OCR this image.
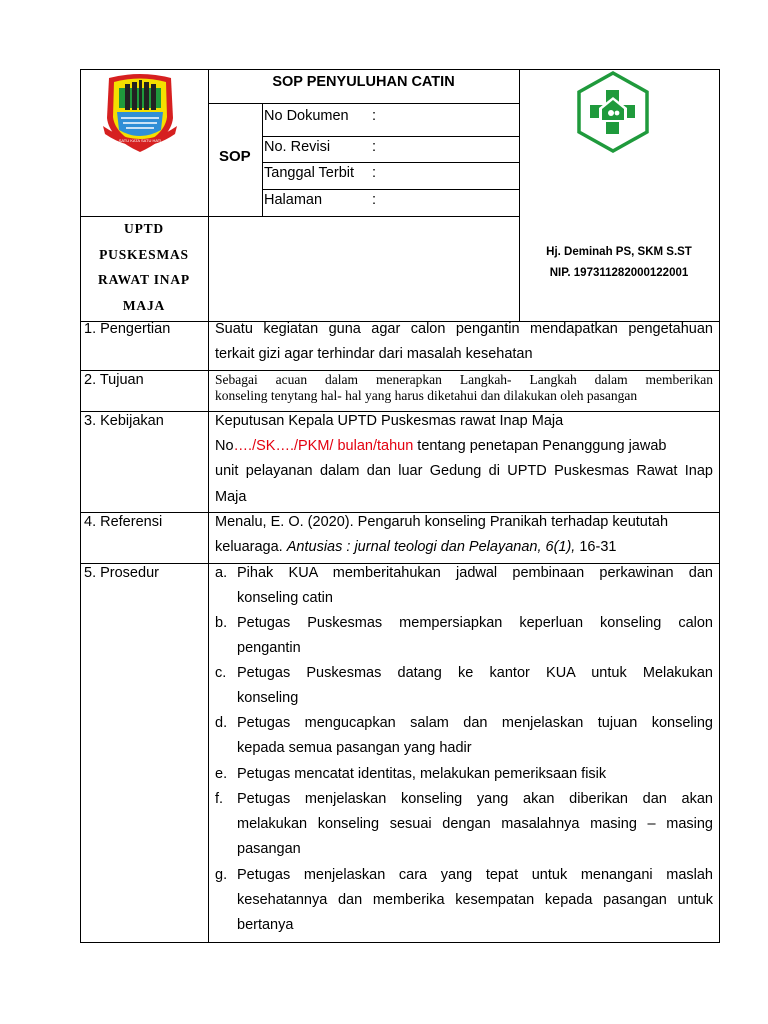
SATU KATA SATU HATI
SOP PENYULUHAN CATIN
SOP
No Dokumen :
No. Revisi	:
Tanggal Terbit :
Halaman	:
UPTD
PUSKESMAS
RAWAT INAP
MAJA
Hj. Deminah PS, SKM S.ST
NIP. 197311282000122001
1. Pengertian	Suatu kegiatan guna agar calon pengantin mendapatkan pengetahuan
terkait gizi agar terhindar dari masalah kesehatan
2. Tujuan	Sebagai acuan dalam menerapkan Langkah- Langkah dalam memberikan
konseling tenytang hal- hal yang harus diketahui dan dilakukan oleh pasangan
3. Kebijakan	Keputusan Kepala UPTD Puskesmas rawat Inap Maja
No…./SK…./PKM/ bulan/tahun tentang penetapan Penanggung jawab
unit pelayanan dalam dan luar Gedung di UPTD Puskesmas Rawat Inap
Maja
4. Referensi	Menalu, E. O. (2020). Pengaruh konseling Pranikah terhadap keututah
keluaraga. Antusias : jurnal teologi dan Pelayanan, 6(1), 16-31
5. Prosedur	a. Pihak KUA memberitahukan jadwal pembinaan perkawinan dan
konseling catin
b. Petugas Puskesmas mempersiapkan keperluan konseling calon
pengantin
c. Petugas Puskesmas datang ke kantor KUA untuk Melakukan
konseling
d. Petugas mengucapkan salam dan menjelaskan tujuan konseling
kepada semua pasangan yang hadir
e. Petugas mencatat identitas, melakukan pemeriksaan fisik
f. Petugas menjelaskan konseling yang akan diberikan dan akan
melakukan konseling sesuai dengan masalahnya masing – masing
pasangan
g. Petugas menjelaskan cara yang tepat untuk menangani maslah
kesehatannya dan memberika kesempatan kepada pasangan untuk
bertanya
